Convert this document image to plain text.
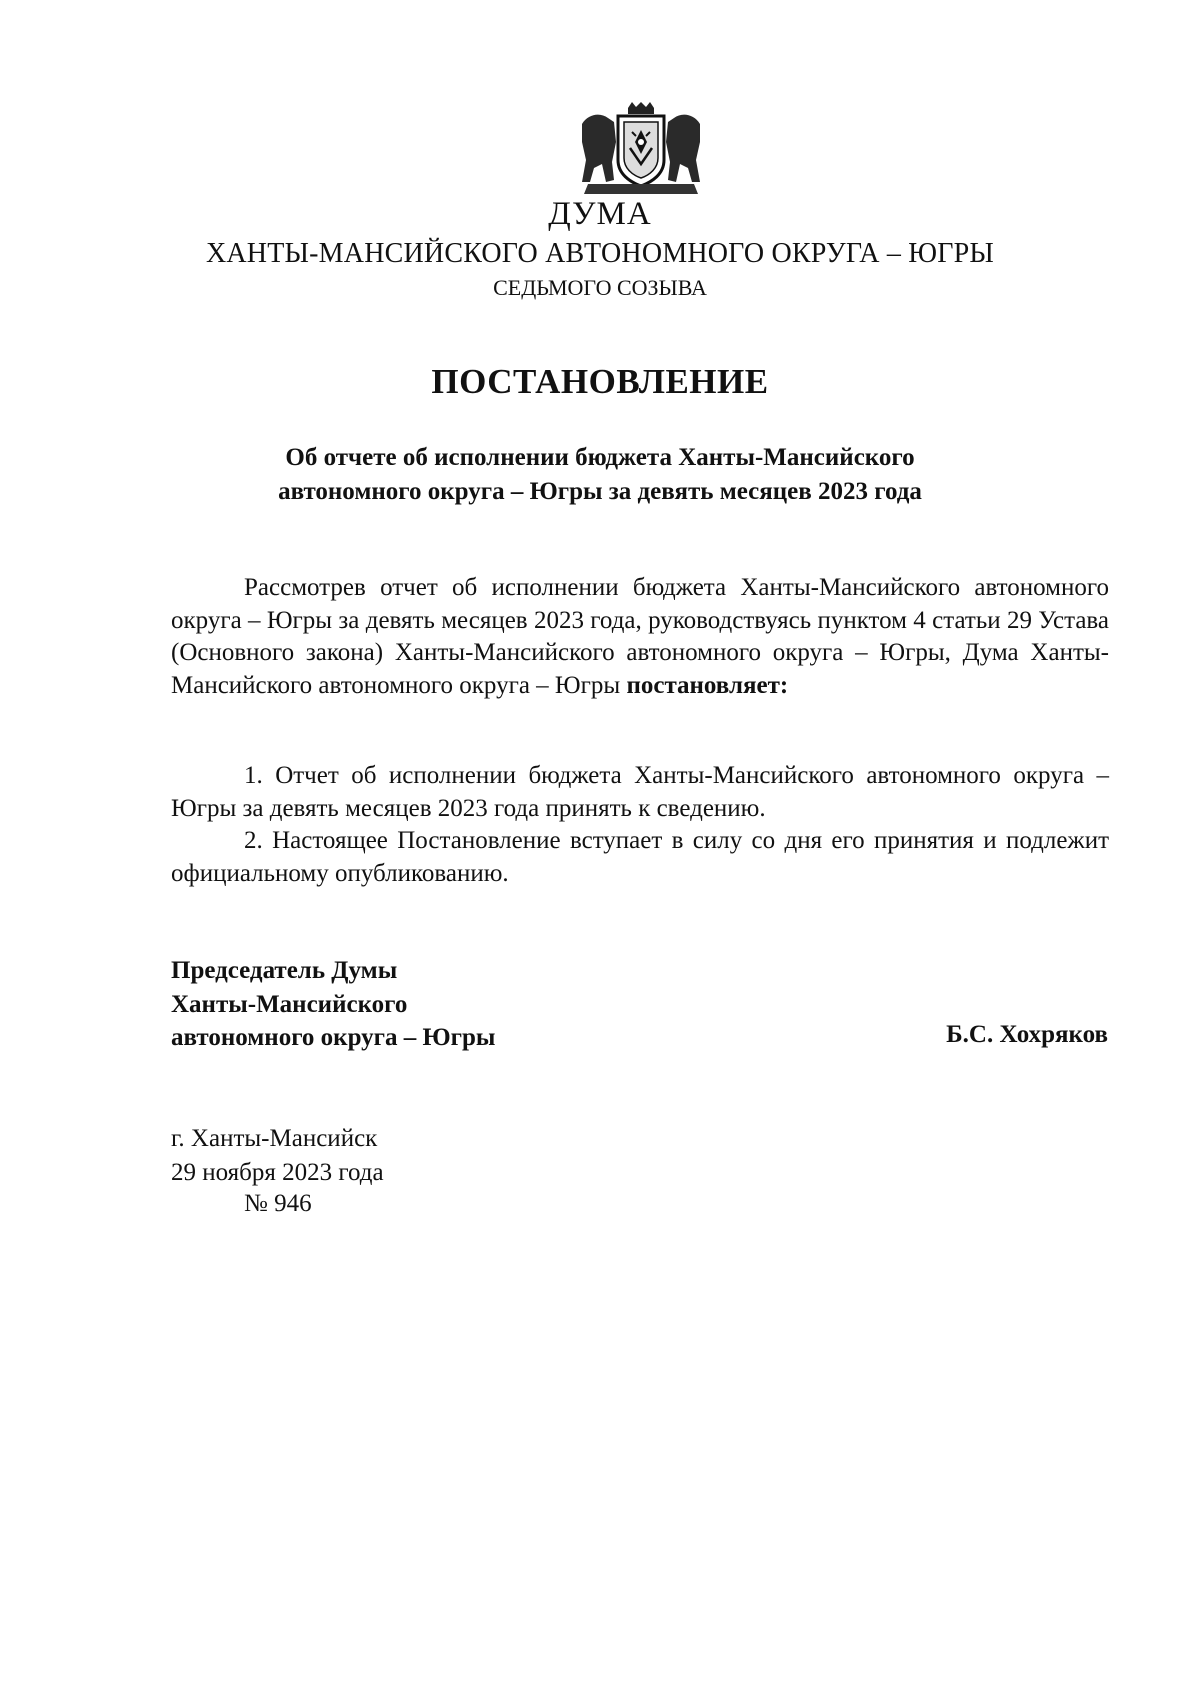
ДУМА
ХАНТЫ-МАНСИЙСКОГО АВТОНОМНОГО ОКРУГА – ЮГРЫ
СЕДЬМОГО СОЗЫВА
ПОСТАНОВЛЕНИЕ
Об отчете об исполнении бюджета Ханты-Мансийского
автономного округа – Югры за девять месяцев 2023 года

Рассмотрев отчет об исполнении бюджета Ханты-Мансийского автономного округа – Югры за девять месяцев 2023 года, руководствуясь пунктом 4 статьи 29 Устава (Основного закона) Ханты-Мансийского автономного округа – Югры, Дума Ханты-Мансийского автономного округа – Югры постановляет:

1. Отчет об исполнении бюджета Ханты-Мансийского автономного округа – Югры за девять месяцев 2023 года принять к сведению.

2. Настоящее Постановление вступает в силу со дня его принятия и подлежит официальному опубликованию.

Председатель Думы
Ханты-Мансийского
автономного округа – Югры	Б.С. Хохряков
г. Ханты-Мансийск
29 ноября 2023 года
№ 946
